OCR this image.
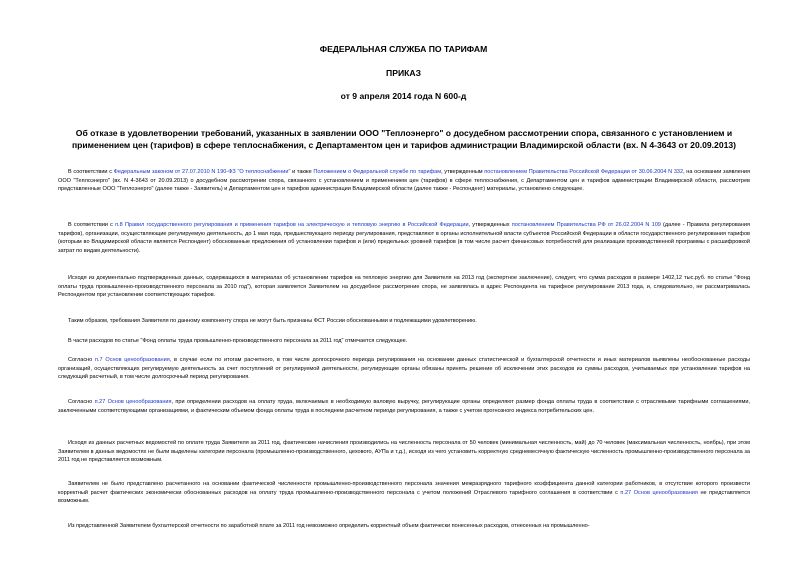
ФЕДЕРАЛЬНАЯ СЛУЖБА ПО ТАРИФАМ
ПРИКАЗ
от 9 апреля 2014 года N 600-д
Об отказе в удовлетворении требований, указанных в заявлении ООО "Теплоэнерго" о досудебном рассмотрении спора, связанного с установлением и применением цен (тарифов) в сфере теплоснабжения, с Департаментом цен и тарифов администрации Владимирской области (вх. N 4-3643 от 20.09.2013)

В соответствии с Федеральным законом от 27.07.2010 N 190-ФЗ "О теплоснабжении" и также Положением о Федеральной службе по тарифам, утвержденным постановлением Правительства Российской Федерации от 30.06.2004 N 332, на основании заявления ООО "Теплоэнерго" (вх. N 4-3643 от 20.09.2013) о досудебном рассмотрении спора, связанного с установлением и применением цен (тарифов) в сфере теплоснабжения, с Департаментом цен и тарифов администрации Владимирской области, рассмотрев представленные ООО "Теплоэнерго" (далее также - Заявитель) и Департаментом цен и тарифов администрации Владимирской области (далее также - Респондент) материалы, установлено следующее.

В соответствии с п.8 Правил государственного регулирования и применения тарифов на электрическую и тепловую энергию в Российской Федерации, утвержденных постановлением Правительства РФ от 26.02.2004 N 109 (далее - Правила регулирования тарифов), организации, осуществляющие регулируемую деятельность, до 1 мая года, предшествующего периоду регулирования, представляют в органы исполнительной власти субъектов Российской Федерации в области государственного регулирования тарифов (которым во Владимирской области является Респондент) обоснованные предложения об установлении тарифов и (или) предельных уровней тарифов (в том числе расчет финансовых потребностей для реализации производственной программы с расшифровкой затрат по видам деятельности).

Исходя из документально подтвержденных данных, содержащихся в материалах об установлении тарифов на тепловую энергию для Заявителя на 2013 год (экспертное заключение), следует, что сумма расходов в размере 1402,12 тыс.руб. по статье "Фонд оплаты труда промышленно-производственного персонала за 2010 год"), которая заявляется Заявителем на досудебное рассмотрение спора, не заявлялась в адрес Респондента на тарифное регулирование 2013 года, и, следовательно, не рассматривалась Респондентом при установлении соответствующих тарифов.

Таким образом, требования Заявителя по данному компоненту спора не могут быть признаны ФСТ России обоснованными и подлежащими удовлетворению.

В части расходов по статье "Фонд оплаты труда промышленно-производственного персонала за 2011 год" отмечается следующее.

Согласно п.7 Основ ценообразования, в случае если по итогам расчетного, в том числе долгосрочного периода регулирования на основании данных статистической и бухгалтерской отчетности и иных материалов выявлены необоснованные расходы организаций, осуществляющих регулируемую деятельность за счет поступлений от регулируемой деятельности, регулирующие органы обязаны принять решение об исключении этих расходов из суммы расходов, учитываемых при установлении тарифов на следующий расчетный, в том числе долгосрочный период регулирования.

Согласно п.27 Основ ценообразования, при определении расходов на оплату труда, включаемых в необходимую валовую выручку, регулирующие органы определяют размер фонда оплаты труда в соответствии с отраслевыми тарифными соглашениями, заключенными соответствующими организациями, и фактическим объемом фонда оплаты труда в последнем расчетном периоде регулирования, а также с учетом прогнозного индекса потребительских цен.

Исходя из данных расчетных ведомостей по оплате труда Заявителя за 2011 год, фактические начисления производились на численность персонала от 50 человек (минимальная численность, май) до 70 человек (максимальная численность, ноябрь), при этом Заявителем в данных ведомостях не были выделены категории персонала (промышленно-производственного, цехового, АУПа и т.д.), исходя из чего установить корректную среднемесячную фактическую численность промышленно-производственного персонала за 2011 год не представляется возможным.

Заявителем не было представлено расчетанного на основании фактической численности промышленно-производственного персонала значения межразрядного тарифного коэффициента данной категории работников, в отсутствие которого произвести корректный расчет фактических экономически обоснованных расходов на оплату труда промышленно-производственного персонала с учетом положений Отраслевого тарифного соглашения в соответствии с п.27 Основ ценообразования не представляется возможным.

Из представленной Заявителем бухгалтерской отчетности по заработной плате за 2011 год невозможно определить корректный объем фактически понесенных расходов, отнесенных на промышленно-
